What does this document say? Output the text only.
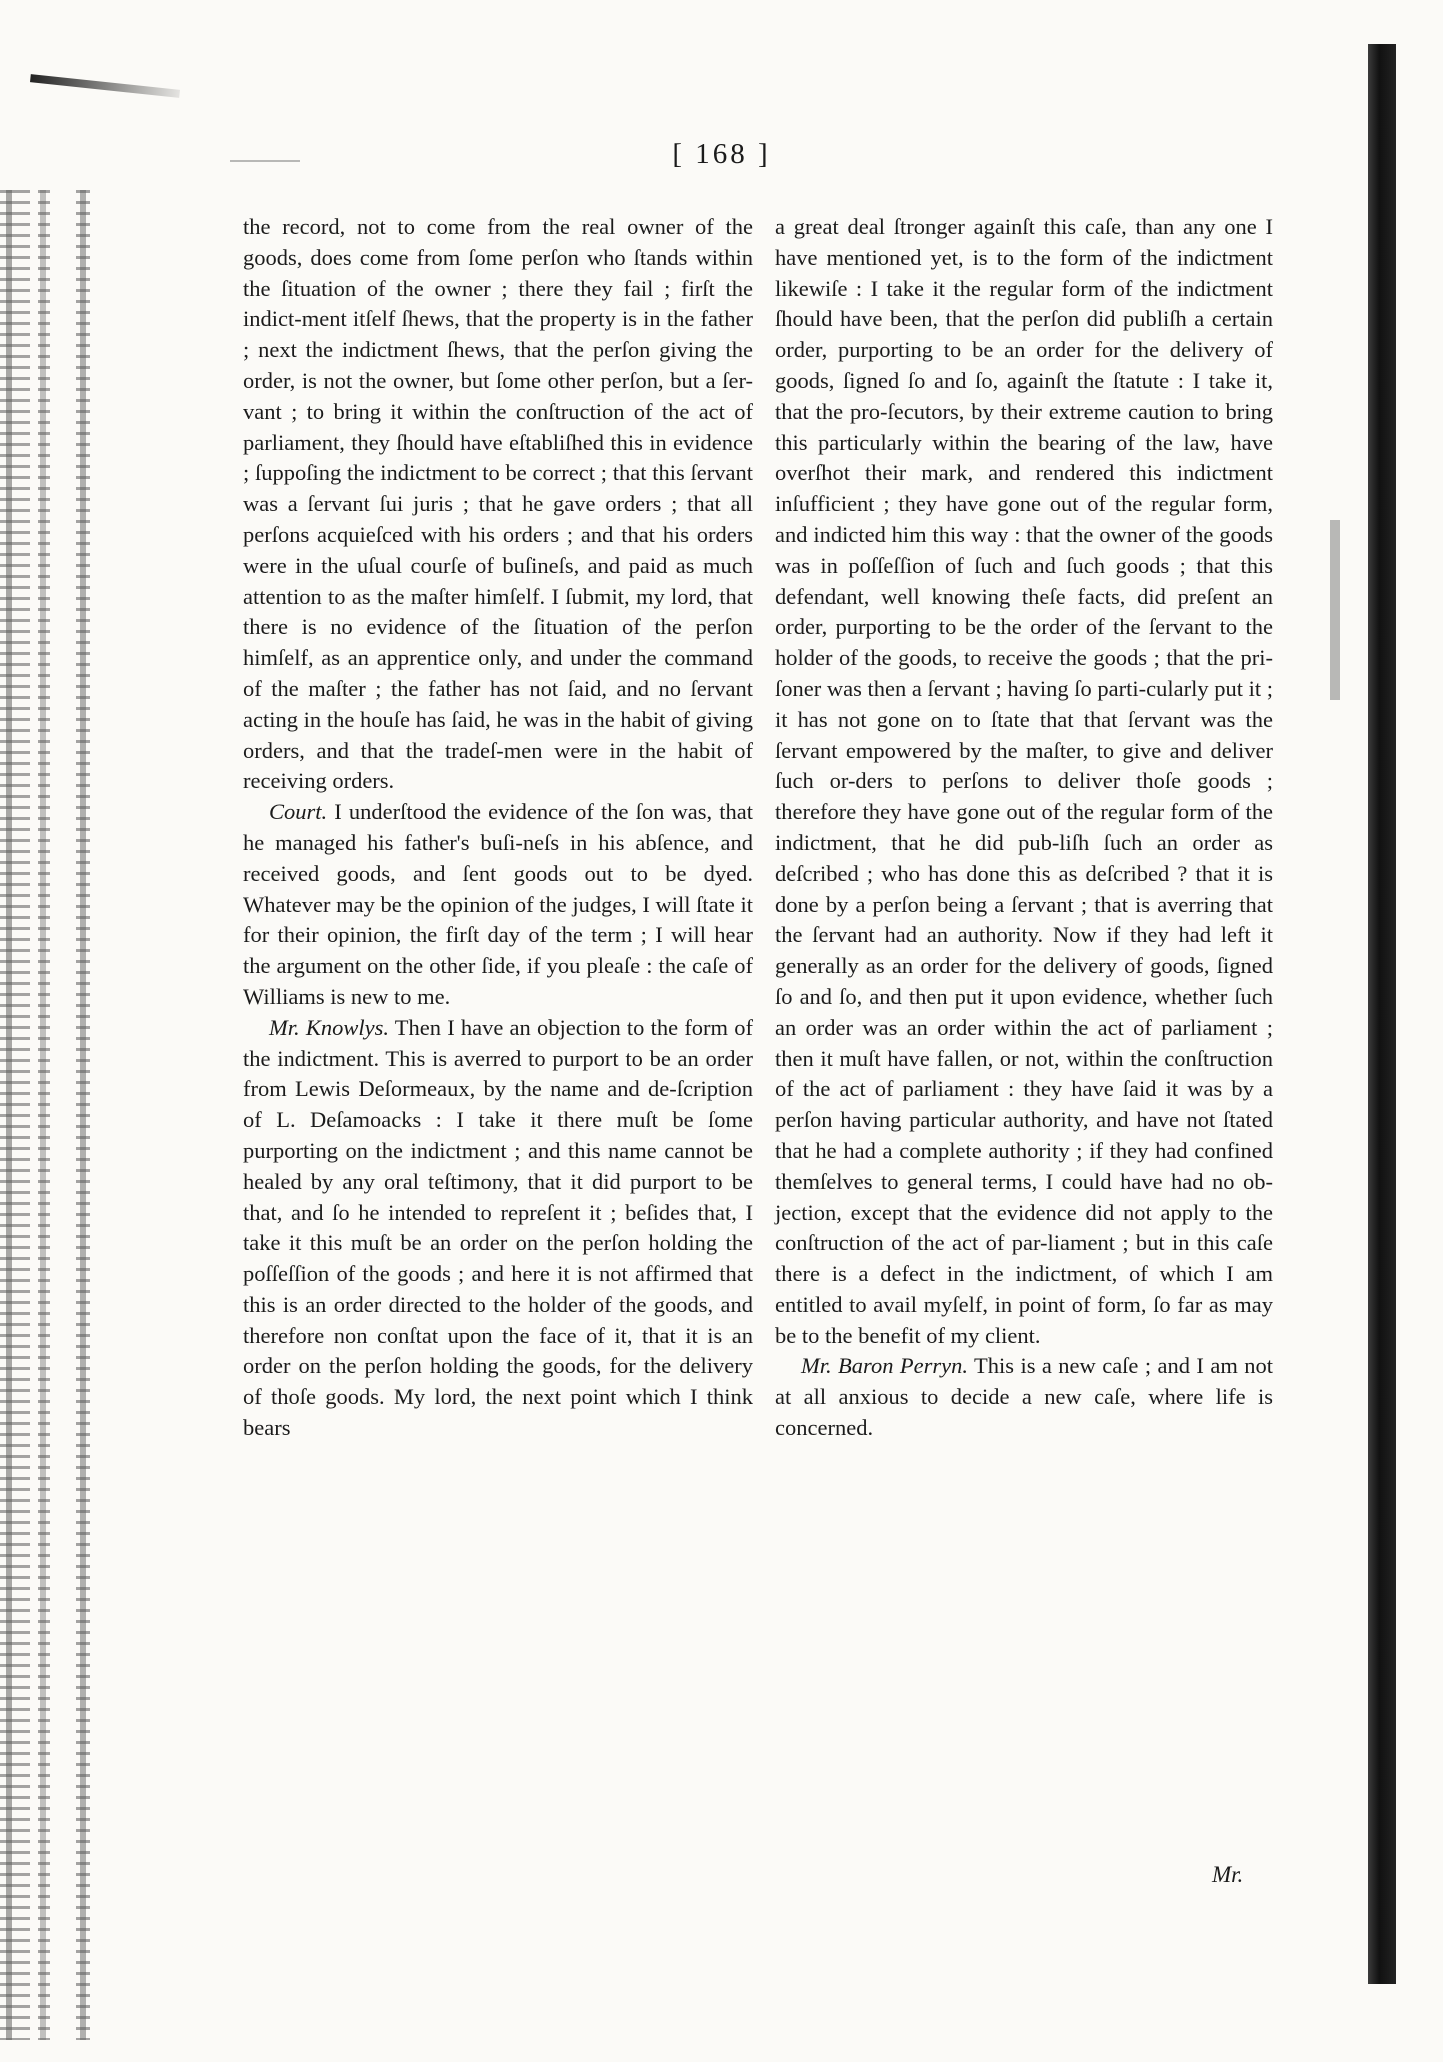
[ 168 ]

the record, not to come from the real owner of the goods, does come from ſome perſon who ſtands within the ſituation of the owner ; there they fail ; firſt the indict-ment itſelf ſhews, that the property is in the father ; next the indictment ſhews, that the perſon giving the order, is not the owner, but ſome other perſon, but a ſer-vant ; to bring it within the conſtruction of the act of parliament, they ſhould have eſtabliſhed this in evidence ; ſuppoſing the indictment to be correct ; that this ſervant was a ſervant ſui juris ; that he gave orders ; that all perſons acquieſced with his orders ; and that his orders were in the uſual courſe of buſineſs, and paid as much attention to as the maſter himſelf. I ſubmit, my lord, that there is no evidence of the ſituation of the perſon himſelf, as an apprentice only, and under the command of the maſter ; the father has not ſaid, and no ſervant acting in the houſe has ſaid, he was in the habit of giving orders, and that the tradeſ-men were in the habit of receiving orders.

Court. I underſtood the evidence of the ſon was, that he managed his father's buſi-neſs in his abſence, and received goods, and ſent goods out to be dyed. Whatever may be the opinion of the judges, I will ſtate it for their opinion, the firſt day of the term ; I will hear the argument on the other ſide, if you pleaſe : the caſe of Williams is new to me.

Mr. Knowlys. Then I have an objection to the form of the indictment. This is averred to purport to be an order from Lewis Deſormeaux, by the name and de-ſcription of L. Deſamoacks : I take it there muſt be ſome purporting on the indictment ; and this name cannot be healed by any oral teſtimony, that it did purport to be that, and ſo he intended to repreſent it ; beſides that, I take it this muſt be an order on the perſon holding the poſſeſſion of the goods ; and here it is not affirmed that this is an order directed to the holder of the goods, and therefore non conſtat upon the face of it, that it is an order on the perſon holding the goods, for the delivery of thoſe goods. My lord, the next point which I think bears

a great deal ſtronger againſt this caſe, than any one I have mentioned yet, is to the form of the indictment likewiſe : I take it the regular form of the indictment ſhould have been, that the perſon did publiſh a certain order, purporting to be an order for the delivery of goods, ſigned ſo and ſo, againſt the ſtatute : I take it, that the pro-ſecutors, by their extreme caution to bring this particularly within the bearing of the law, have overſhot their mark, and rendered this indictment inſufficient ; they have gone out of the regular form, and indicted him this way : that the owner of the goods was in poſſeſſion of ſuch and ſuch goods ; that this defendant, well knowing theſe facts, did preſent an order, purporting to be the order of the ſervant to the holder of the goods, to receive the goods ; that the pri-ſoner was then a ſervant ; having ſo parti-cularly put it ; it has not gone on to ſtate that that ſervant was the ſervant empowered by the maſter, to give and deliver ſuch or-ders to perſons to deliver thoſe goods ; therefore they have gone out of the regular form of the indictment, that he did pub-liſh ſuch an order as deſcribed ; who has done this as deſcribed ? that it is done by a perſon being a ſervant ; that is averring that the ſervant had an authority. Now if they had left it generally as an order for the delivery of goods, ſigned ſo and ſo, and then put it upon evidence, whether ſuch an order was an order within the act of parliament ; then it muſt have fallen, or not, within the conſtruction of the act of parliament : they have ſaid it was by a perſon having particular authority, and have not ſtated that he had a complete authority ; if they had confined themſelves to general terms, I could have had no ob-jection, except that the evidence did not apply to the conſtruction of the act of par-liament ; but in this caſe there is a defect in the indictment, of which I am entitled to avail myſelf, in point of form, ſo far as may be to the benefit of my client.

Mr. Baron Perryn. This is a new caſe ; and I am not at all anxious to decide a new caſe, where life is concerned.

Mr.
